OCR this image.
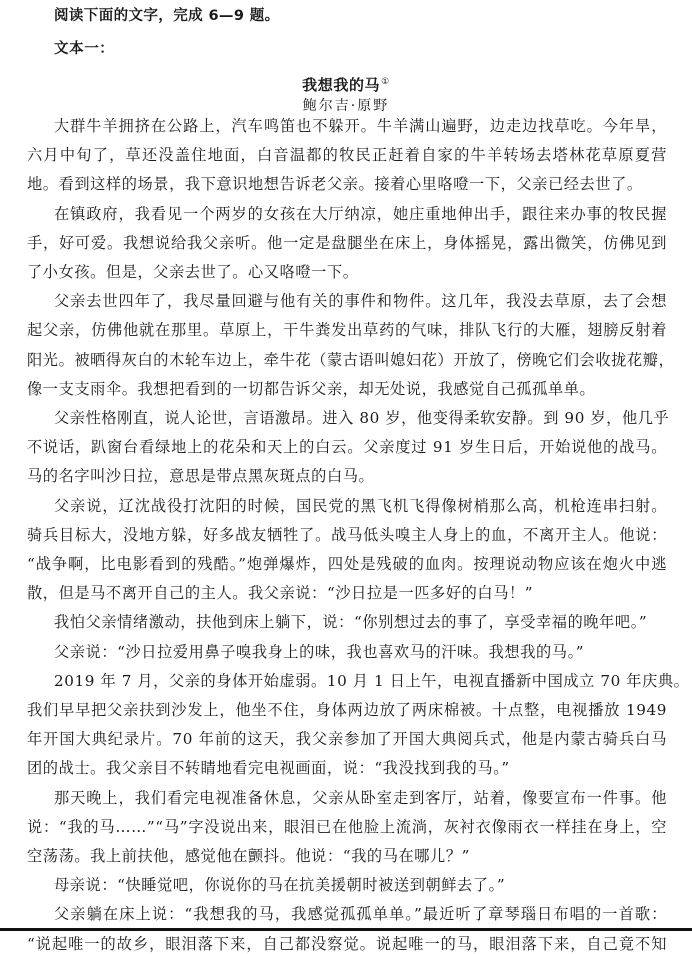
阅读下面的文字，完成 6—9 题。
文本一：
我想我的马①
鲍尔吉·原野
大群牛羊拥挤在公路上，汽车鸣笛也不躲开。牛羊满山遍野，边走边找草吃。今年旱，
六月中旬了，草还没盖住地面，白音温都的牧民正赶着自家的牛羊转场去塔林花草原夏营
地。看到这样的场景，我下意识地想告诉老父亲。接着心里咯噔一下，父亲已经去世了。
在镇政府，我看见一个两岁的女孩在大厅纳凉，她庄重地伸出手，跟往来办事的牧民握
手，好可爱。我想说给我父亲听。他一定是盘腿坐在床上，身体摇晃，露出微笑，仿佛见到
了小女孩。但是，父亲去世了。心又咯噔一下。
父亲去世四年了，我尽量回避与他有关的事件和物件。这几年，我没去草原，去了会想
起父亲，仿佛他就在那里。草原上，干牛粪发出草药的气味，排队飞行的大雁，翅膀反射着
阳光。被晒得灰白的木轮车边上，牵牛花（蒙古语叫媳妇花）开放了，傍晚它们会收拢花瓣，
像一支支雨伞。我想把看到的一切都告诉父亲，却无处说，我感觉自己孤孤单单。
父亲性格刚直，说人论世，言语激昂。进入 80 岁，他变得柔软安静。到 90 岁，他几乎
不说话，趴窗台看绿地上的花朵和天上的白云。父亲度过 91 岁生日后，开始说他的战马。
马的名字叫沙日拉，意思是带点黑灰斑点的白马。
父亲说，辽沈战役打沈阳的时候，国民党的黑飞机飞得像树梢那么高，机枪连串扫射。
骑兵目标大，没地方躲，好多战友牺牲了。战马低头嗅主人身上的血，不离开主人。他说：
“战争啊，比电影看到的残酷。”炮弹爆炸，四处是残破的血肉。按理说动物应该在炮火中逃
散，但是马不离开自己的主人。我父亲说：“沙日拉是一匹多好的白马！”
我怕父亲情绪激动，扶他到床上躺下，说：“你别想过去的事了，享受幸福的晚年吧。”
父亲说：“沙日拉爱用鼻子嗅我身上的味，我也喜欢马的汗味。我想我的马。”
2019 年 7 月，父亲的身体开始虚弱。10 月 1 日上午，电视直播新中国成立 70 年庆典。
我们早早把父亲扶到沙发上，他坐不住，身体两边放了两床棉被。十点整，电视播放 1949
年开国大典纪录片。70 年前的这天，我父亲参加了开国大典阅兵式，他是内蒙古骑兵白马
团的战士。我父亲目不转睛地看完电视画面，说：“我没找到我的马。”
那天晚上，我们看完电视准备休息，父亲从卧室走到客厅，站着，像要宣布一件事。他
说：“我的马……”“马”字没说出来，眼泪已在他脸上流淌，灰衬衣像雨衣一样挂在身上，空
空荡荡。我上前扶他，感觉他在颤抖。他说：“我的马在哪儿？”
母亲说：“快睡觉吧，你说你的马在抗美援朝时被送到朝鲜去了。”
父亲躺在床上说：“我想我的马，我感觉孤孤单单。”最近听了章琴瑙日布唱的一首歌：
“说起唯一的故乡，眼泪落下来，自己都没察觉。说起唯一的马，眼泪落下来，自己竟不知
